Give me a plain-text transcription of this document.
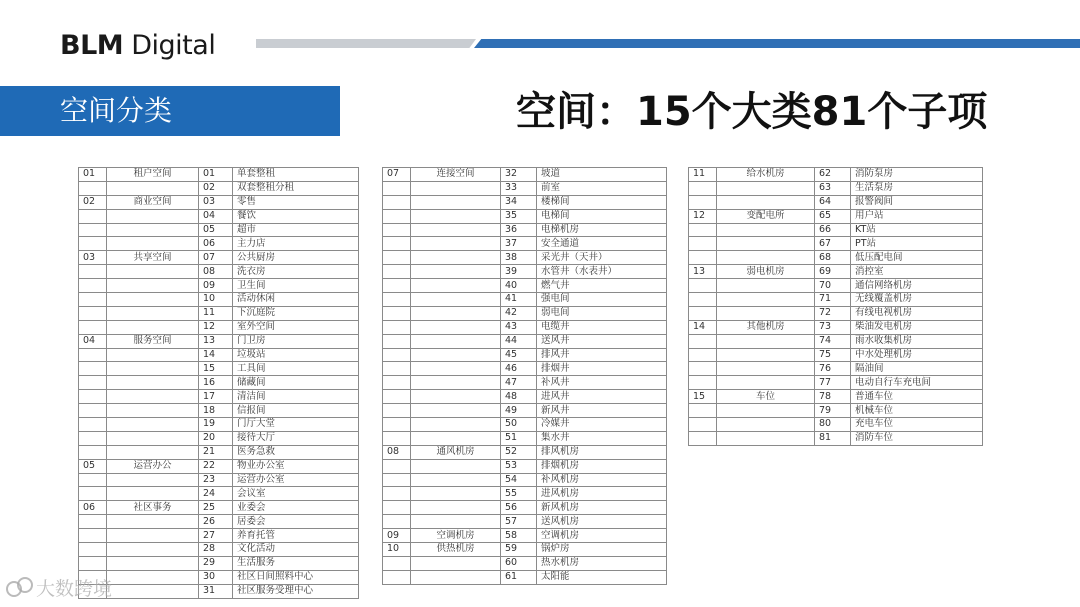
BLM Digital
空间分类	空间：15个大类81个子项
01	租户空间	01	单套整租
		02	双套整租分租
02	商业空间	03	零售
		04	餐饮
		05	超市
		06	主力店
03	共享空间	07	公共厨房
		08	洗衣房
		09	卫生间
		10	活动休闲
		11	下沉庭院
		12	室外空间
04	服务空间	13	门卫房
		14	垃圾站
		15	工具间
		16	储藏间
		17	清洁间
		18	信报间
		19	门厅大堂
		20	接待大厅
		21	医务急救
05	运营办公	22	物业办公室
		23	运营办公室
		24	会议室
06	社区事务	25	业委会
		26	居委会
		27	养育托管
		28	文化活动
		29	生活服务
		30	社区日间照料中心
		31	社区服务受理中心
07	连接空间	32	坡道
		33	前室
		34	楼梯间
		35	电梯间
		36	电梯机房
		37	安全通道
		38	采光井（天井）
		39	水管井（水表井）
		40	燃气井
		41	强电间
		42	弱电间
		43	电缆井
		44	送风井
		45	排风井
		46	排烟井
		47	补风井
		48	进风井
		49	新风井
		50	冷媒井
		51	集水井
08	通风机房	52	排风机房
		53	排烟机房
		54	补风机房
		55	进风机房
		56	新风机房
		57	送风机房
09	空调机房	58	空调机房
10	供热机房	59	锅炉房
		60	热水机房
		61	太阳能
11	给水机房	62	消防泵房
		63	生活泵房
		64	报警阀间
12	变配电所	65	用户站
		66	KT站
		67	PT站
		68	低压配电间
13	弱电机房	69	消控室
		70	通信网络机房
		71	无线覆盖机房
		72	有线电视机房
14	其他机房	73	柴油发电机房
		74	雨水收集机房
		75	中水处理机房
		76	隔油间
		77	电动自行车充电间
15	车位	78	普通车位
		79	机械车位
		80	充电车位
		81	消防车位
大数跨境
